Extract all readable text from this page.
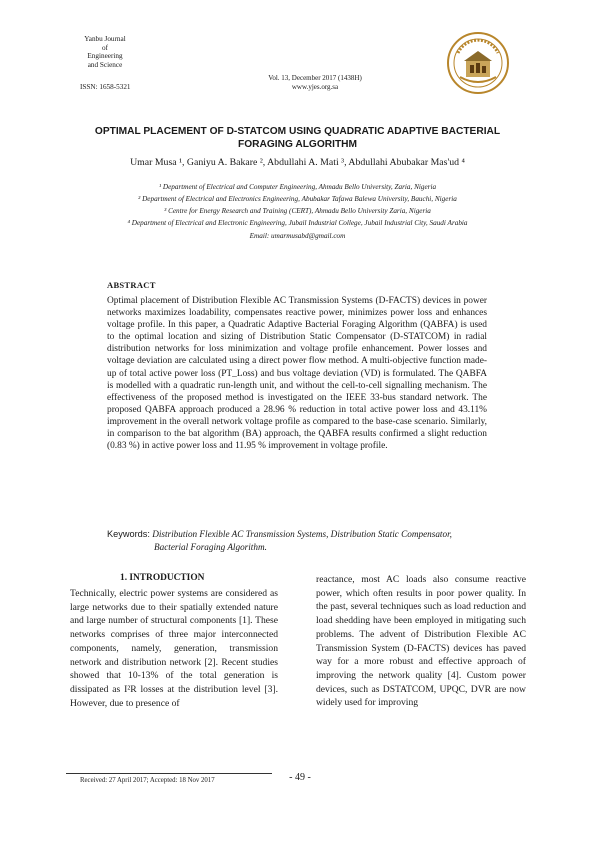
Yanbu Journal
of
Engineering
and Science
ISSN: 1658-5321
Vol. 13, December 2017 (1438H)
www.yjes.org.sa
OPTIMAL PLACEMENT OF D-STATCOM USING QUADRATIC ADAPTIVE BACTERIAL
FORAGING ALGORITHM
Umar Musa ¹, Ganiyu A. Bakare ², Abdullahi A. Mati ³, Abdullahi Abubakar Mas'ud ⁴
¹ Department of Electrical and Computer Engineering, Ahmadu Bello University, Zaria, Nigeria
² Department of Electrical and Electronics Engineering, Abubakar Tafawa Balewa University, Bauchi, Nigeria
³ Centre for Energy Research and Training (CERT), Ahmadu Bello University Zaria, Nigeria
⁴ Department of Electrical and Electronic Engineering, Jubail Industrial College, Jubail Industrial City, Saudi Arabia
Email: umarmusabd@gmail.com
ABSTRACT
Optimal placement of Distribution Flexible AC Transmission Systems (D-FACTS) devices in power networks maximizes loadability, compensates reactive power, minimizes power loss and enhances voltage profile. In this paper, a Quadratic Adaptive Bacterial Foraging Algorithm (QABFA) is used to the optimal location and sizing of Distribution Static Compensator (D-STATCOM) in radial distribution networks for loss minimization and voltage profile enhancement. Power losses and voltage deviation are calculated using a direct power flow method. A multi-objective function made-up of total active power loss (PT_Loss) and bus voltage deviation (VD) is formulated. The QABFA is modelled with a quadratic run-length unit, and without the cell-to-cell signalling mechanism. The effectiveness of the proposed method is investigated on the IEEE 33-bus standard network. The proposed QABFA approach produced a 28.96 % reduction in total active power loss and 43.11% improvement in the overall network voltage profile as compared to the base-case scenario. Similarly, in comparison to the bat algorithm (BA) approach, the QABFA results confirmed a slight reduction (0.83 %) in active power loss and 11.95 % improvement in voltage profile.
Keywords: Distribution Flexible AC Transmission Systems, Distribution Static Compensator,
Bacterial Foraging Algorithm.
1. INTRODUCTION
Technically, electric power systems are considered as large networks due to their spatially extended nature and large number of structural components [1]. These networks comprises of three major interconnected components, namely, generation, transmission network and distribution network [2]. Recent studies showed that 10-13% of the total generation is dissipated as I²R losses at the distribution level [3]. However, due to presence of
reactance, most AC loads also consume reactive power, which often results in poor power quality. In the past, several techniques such as load reduction and load shedding have been employed in mitigating such problems. The advent of Distribution Flexible AC Transmission System (D-FACTS) devices has paved way for a more robust and effective approach of improving the network quality [4]. Custom power devices, such as DSTATCOM, UPQC, DVR are now widely used for improving
Received: 27 April 2017; Accepted: 18 Nov 2017	- 49 -
